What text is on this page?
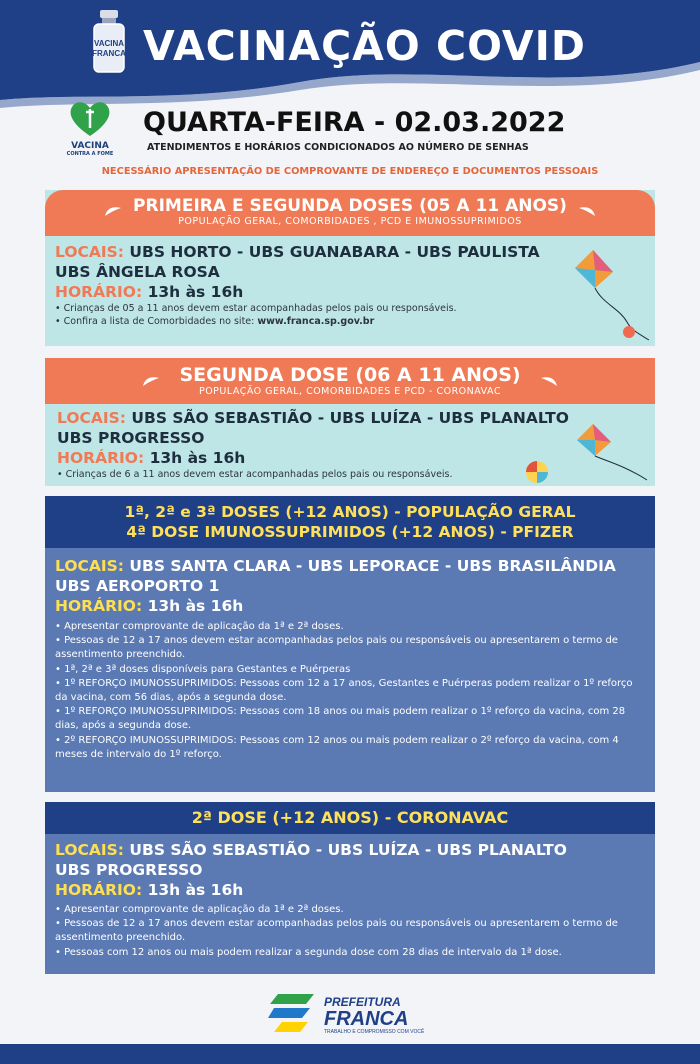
VACINA
FRANCA VACINAÇÃO COVID
VACINA
CONTRA A FOME
QUARTA-FEIRA - 02.03.2022
ATENDIMENTOS E HORÁRIOS CONDICIONADOS AO NÚMERO DE SENHAS
NECESSÁRIO APRESENTAÇÃO DE COMPROVANTE DE ENDEREÇO E DOCUMENTOS PESSOAIS
PRIMEIRA E SEGUNDA DOSES (05 A 11 ANOS)
POPULAÇÃO GERAL, COMORBIDADES , PCD E IMUNOSSUPRIMIDOS
LOCAIS: UBS HORTO - UBS GUANABARA - UBS PAULISTA
UBS ÂNGELA ROSA
HORÁRIO: 13h às 16h
• Crianças de 05 a 11 anos devem estar acompanhadas pelos pais ou responsáveis.
• Confira a lista de Comorbidades no site: www.franca.sp.gov.br
SEGUNDA DOSE (06 A 11 ANOS)
POPULAÇÃO GERAL, COMORBIDADES E PCD - CORONAVAC
LOCAIS: UBS SÃO SEBASTIÃO - UBS LUÍZA - UBS PLANALTO
UBS PROGRESSO
HORÁRIO: 13h às 16h
• Crianças de 6 a 11 anos devem estar acompanhadas pelos pais ou responsáveis.
1ª, 2ª e 3ª DOSES (+12 ANOS) - POPULAÇÃO GERAL
4ª DOSE IMUNOSSUPRIMIDOS (+12 ANOS) - PFIZER
LOCAIS: UBS SANTA CLARA - UBS LEPORACE - UBS BRASILÂNDIA
UBS AEROPORTO 1
HORÁRIO: 13h às 16h
• Apresentar comprovante de aplicação da 1ª e 2ª doses.
• Pessoas de 12 a 17 anos devem estar acompanhadas pelos pais ou responsáveis ou apresentarem o termo de assentimento preenchido.
• 1ª, 2ª e 3ª doses disponíveis para Gestantes e Puérperas
• 1º REFORÇO IMUNOSSUPRIMIDOS: Pessoas com 12 a 17 anos, Gestantes e Puérperas podem realizar o 1º reforço da vacina, com 56 dias, após a segunda dose.
• 1º REFORÇO IMUNOSSUPRIMIDOS: Pessoas com 18 anos ou mais podem realizar o 1º reforço da vacina, com 28 dias, após a segunda dose.
• 2º REFORÇO IMUNOSSUPRIMIDOS: Pessoas com 12 anos ou mais podem realizar o 2º reforço da vacina, com 4 meses de intervalo do 1º reforço.
2ª DOSE (+12 ANOS) - CORONAVAC
LOCAIS: UBS SÃO SEBASTIÃO - UBS LUÍZA - UBS PLANALTO
UBS PROGRESSO
HORÁRIO: 13h às 16h
• Apresentar comprovante de aplicação da 1ª e 2ª doses.
• Pessoas de 12 a 17 anos devem estar acompanhadas pelos pais ou responsáveis ou apresentarem o termo de assentimento preenchido.
• Pessoas com 12 anos ou mais podem realizar a segunda dose com 28 dias de intervalo da 1ª dose.
PREFEITURA
FRANCA
TRABALHO E COMPROMISSO COM VOCÊ
